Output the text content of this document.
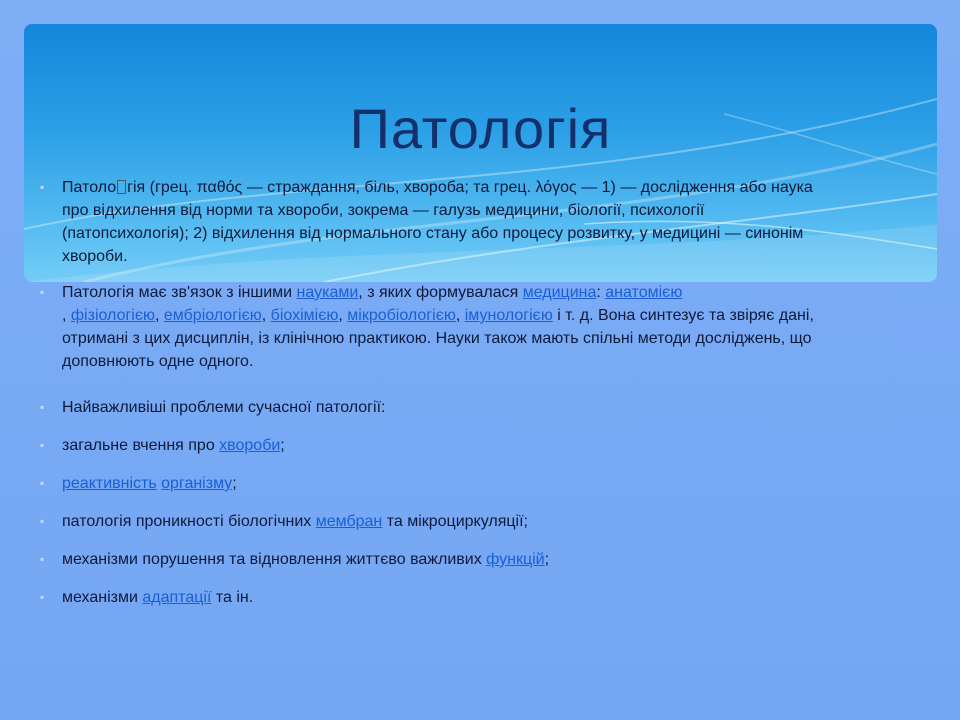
Патологія
▪ Патоло гія (грец. παθός — страждання, біль, хвороба; та грец. λόγος — 1) — дослідження або наука про відхилення від норми та хвороби, зокрема — галузь медицини, біології, психології (патопсихологія); 2) відхилення від нормального стану або процесу розвитку, у медицині — синонім хвороби.
▪ Патологія має зв'язок з іншими науками, з яких формувалася медицина: анатомією
, фізіологією, ембріологією, біохімією, мікробіологією, імунологією і т. д. Вона синтезує та звіряє дані, отримані з цих дисциплін, із клінічною практикою. Науки також мають спільні методи досліджень, що доповнюють одне одного.
▪ Найважливіші проблеми сучасної патології:
▪ загальне вчення про хвороби;
▪ реактивність організму;
▪ патологія проникності біологічних мембран та мікроциркуляції;
▪ механізми порушення та відновлення життєво важливих функцій;
▪ механізми адаптації та ін.
